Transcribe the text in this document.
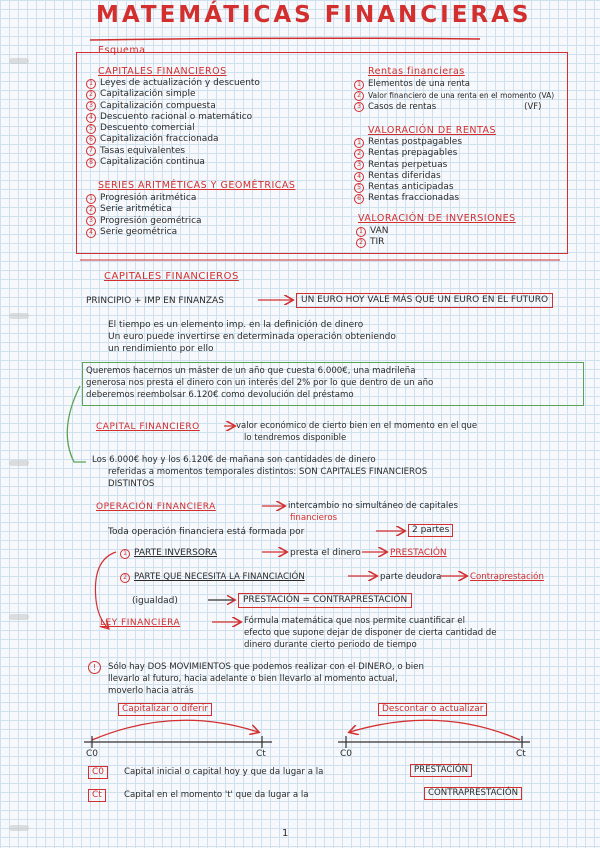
MATEMÁTICAS FINANCIERAS
Esquema
CAPITALES FINANCIEROS
1 Leyes de actualización y descuento
2 Capitalización simple
3 Capitalización compuesta
4 Descuento racional o matemático
5 Descuento comercial
6 Capitalización fraccionada
7 Tasas equivalentes
8 Capitalización continua
SERIES ARITMÉTICAS Y GEOMÉTRICAS
1 Progresión aritmética
2 Serie aritmética
3 Progresión geométrica
4 Serie geométrica
Rentas financieras
1 Elementos de una renta
2 Valor financiero de una renta en el momento (VA)
3 Casos de rentas	(VF)
VALORACIÓN DE RENTAS
1 Rentas postpagables
2 Rentas prepagables
3 Rentas perpetuas
4 Rentas diferidas
5 Rentas anticipadas
6 Rentas fraccionadas
VALORACIÓN DE INVERSIONES
1 VAN
2 TIR
CAPITALES FINANCIEROS
PRINCIPIO + IMP EN FINANZAS	UN EURO HOY VALE MÁS QUE UN EURO EN EL FUTURO
El tiempo es un elemento imp. en la definición de dinero
Un euro puede invertirse en determinada operación obteniendo
un rendimiento por ello
Queremos hacernos un máster de un año que cuesta 6.000€, una madrileña
generosa nos presta el dinero con un interés del 2% por lo que dentro de un año
deberemos reembolsar 6.120€ como devolución del préstamo
CAPITAL FINANCIERO	valor económico de cierto bien en el momento en el que
lo tendremos disponible
Los 6.000€ hoy y los 6.120€ de mañana son cantidades de dinero
referidas a momentos temporales distintos: SON CAPITALES FINANCIEROS
DISTINTOS
OPERACIÓN FINANCIERA	intercambio no simultáneo de capitales
financieros
Toda operación financiera está formada por	2 partes
1 PARTE INVERSORA	presta el dinero	PRESTACIÓN
2 PARTE QUE NECESITA LA FINANCIACIÓN	parte deudora	Contraprestación
(igualdad)	PRESTACIÓN = CONTRAPRESTACIÓN
LEY FINANCIERA	Fórmula matemática que nos permite cuantificar el
efecto que supone dejar de disponer de cierta cantidad de
dinero durante cierto periodo de tiempo
!	Sólo hay DOS MOVIMIENTOS que podemos realizar con el DINERO, o bien
llevarlo al futuro, hacia adelante o bien llevarlo al momento actual,
moverlo hacia atrás
Capitalizar o diferir	Descontar o actualizar
C0	Ct	C0	Ct
C0	Capital inicial o capital hoy y que da lugar a la	PRESTACIÓN
Ct	Capital en el momento 't' que da lugar a la	CONTRAPRESTACIÓN
1
